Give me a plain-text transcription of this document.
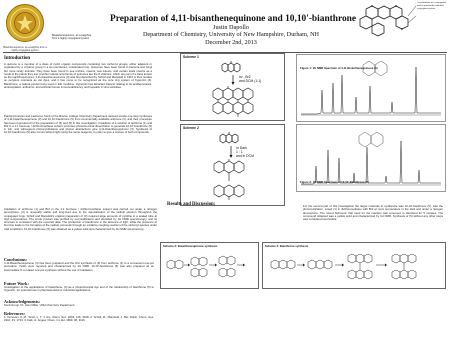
Bisanthenequinone, as a sapphire from a highly conjugated system
Bisanthenequinone, as a sapphire from a highly conjugated system
Preparation of 4,11-bisanthenequinone and 10,10'-bianthrone
Justin Dapollo
Department of Chemistry, University of New Hampshire, Durham, NH
December 2nd, 2013
Consolidation of a conjugated, and its potentially extended conjugated system
Introduction
A quinone is a member of a class of cyclic organic compounds containing two carbonyl groups, either adjacent or separated by a vinylene group in a six-membered, unsaturated ring. Quinones have been found in bacteria and fungi but more rarely animals. They have been found in sea urchins, insects, sea insects, and certain scale insects as a result of the plants they eat. Another natural occurrence of quinones are the K vitamins, which are part of a class known as the naphthoquinones. 4,11-bisanthenequinone (3) was first described by Scholl and Mansfeld in 1910 in their studies on perylene colorants as vat dyes, and it has come to be recognized as the core ring system of hypericin (4). Bianthrone, a natural product long used in folk medicine. Hypericin has attracted interest relating to its antidepressant, antineoplastic, antitumor, and antiviral human immunodeficiency and hepatitis C virus activities.
Patrick Donovan and Lawrence Scott of the Boston College Chemistry Department devised simple one-step syntheses of 4,11-bisanthenequinone (3) and 10,10'-bianthrone (5) from commercially available anthrone (1), and their procedure has been reproduced for the preparation of (3) and (5) in this investigation. Irradiation of a solution of anthrone (1) and Br2 in a 1:1 benzene / dichloromethane solvent promotes photochemical dimerization to generate 10,10'-bianthrone (5) in situ, and subsequent photocyclizations and photon abstractions give 4,11-bisanthenequinone (3). Synthesis of 10,10'-bianthrone (5) also occurs without light using the same reagents, in order to give a mixture of both compounds.
Scheme 1
hv , Br2
and DCM (1:1)
Scheme 2
In Dark
1 : 1
and in DCM
Figure 1: 1H NMR Spectrum of 4,11-Bisanthenequinone (3)
Figure 2: 1H NMR Spectrum of 10,10'-Bianthrone (5)
Results and Discussion:
Irradiation of anthrone (1) and Br2 in the 1:1 benzene / dichloromethane solvent was carried out under a nitrogen atmosphere. (3) is unusually stable and long-lived due to the delocalization of the radical electron throughout the conjugated rings. Scholl and Mansfeld's original preparation of (3) required large amounts of pyridine in a sealed tube at high temperatures. The crude product was purified by recrystallization and identified by 1H NMR spectroscopy, and its structure is consistent with the reported data. The production of bianthrone in the absence of light, while the presence of bromine leads to the formation of the radical, proceeds through an oxidative coupling reaction of the carbonyl species under mild conditions. 10,10'-bianthrone (5) was obtained as a yellow solid and characterized by 1H NMR spectroscopy.
For the second part of this investigation the target molecule to synthesize was 10,10'-bianthrone (5). Like the photocyclization, mixed (1) in dichloromethane with Br2 at room temperature in the dark and under a nitrogen atmosphere. The mixed bichromic that used for the reaction was screened to dissolved for 5 minutes. The compound obtained was a yellow solid and characterized by 1H NMR. Synthesis of (5) without any other steps was considered successful.
Scheme 2: Bisanthenequinone synthesis	Scheme 3: Bianthrone synthesis
Conclusions:
4,11-Bisanthenequinone (3) has been prepared and the first synthesis of (3) from anthrone (1) is a convenient one-pot procedure. Yields were reported and characterized by 1H NMR. 10,10'-bianthrone (5) was also prepared as an intermediate in a related one-pot synthesis without the use of irradiation.
Future Work:
Investigation of the applications of bisanthene, (3) as a photochemical dye and of the relationship of bianthrone (5) to hypericin, for potential use in pharmaceutical or industrial applications.
Acknowledgements:
Scott Group, Dr. Glen Miller, UNH Chemistry Department
References:
1. Donovan, P. M.; Scott, L. T. J. Am. Chem. Soc. 2004, 126, 3108. 2. Scholl, R.; Mansfeld, J. Ber. Dtsch. Chem. Ges. 1910, 43, 1734. 3. Falk, H. Angew. Chem. Int. Ed. 1999, 38, 3116.
